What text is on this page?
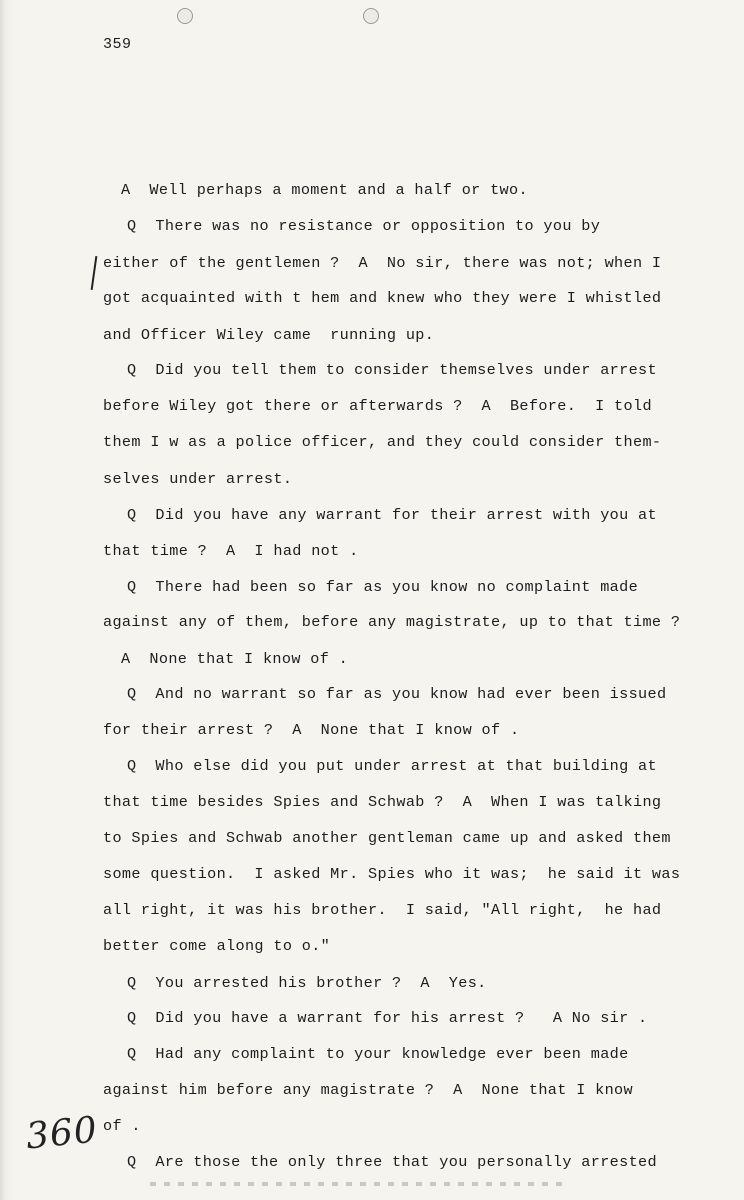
359
A  Well perhaps a moment and a half or two.
Q  There was no resistance or opposition to you by
either of the gentlemen ?  A  No sir, there was not; when I
got acquainted with t hem and knew who they were I whistled
and Officer Wiley came  running up.
Q  Did you tell them to consider themselves under arrest
before Wiley got there or afterwards ?  A  Before.  I told
them I w as a police officer, and they could consider them-
selves under arrest.
Q  Did you have any warrant for their arrest with you at
that time ?  A  I had not .
Q  There had been so far as you know no complaint made
against any of them, before any magistrate, up to that time ?
A  None that I know of .
Q  And no warrant so far as you know had ever been issued
for their arrest ?  A  None that I know of .
Q  Who else did you put under arrest at that building at
that time besides Spies and Schwab ?  A  When I was talking
to Spies and Schwab another gentleman came up and asked them
some question.  I asked Mr. Spies who it was;  he said it was
all right, it was his brother.  I said, "All right,  he had
better come along to o."
Q  You arrested his brother ?  A  Yes.
Q  Did you have a warrant for his arrest ?   A No sir .
Q  Had any complaint to your knowledge ever been made
against him before any magistrate ?  A  None that I know
of .
Q  Are those the only three that you personally arrested
360
